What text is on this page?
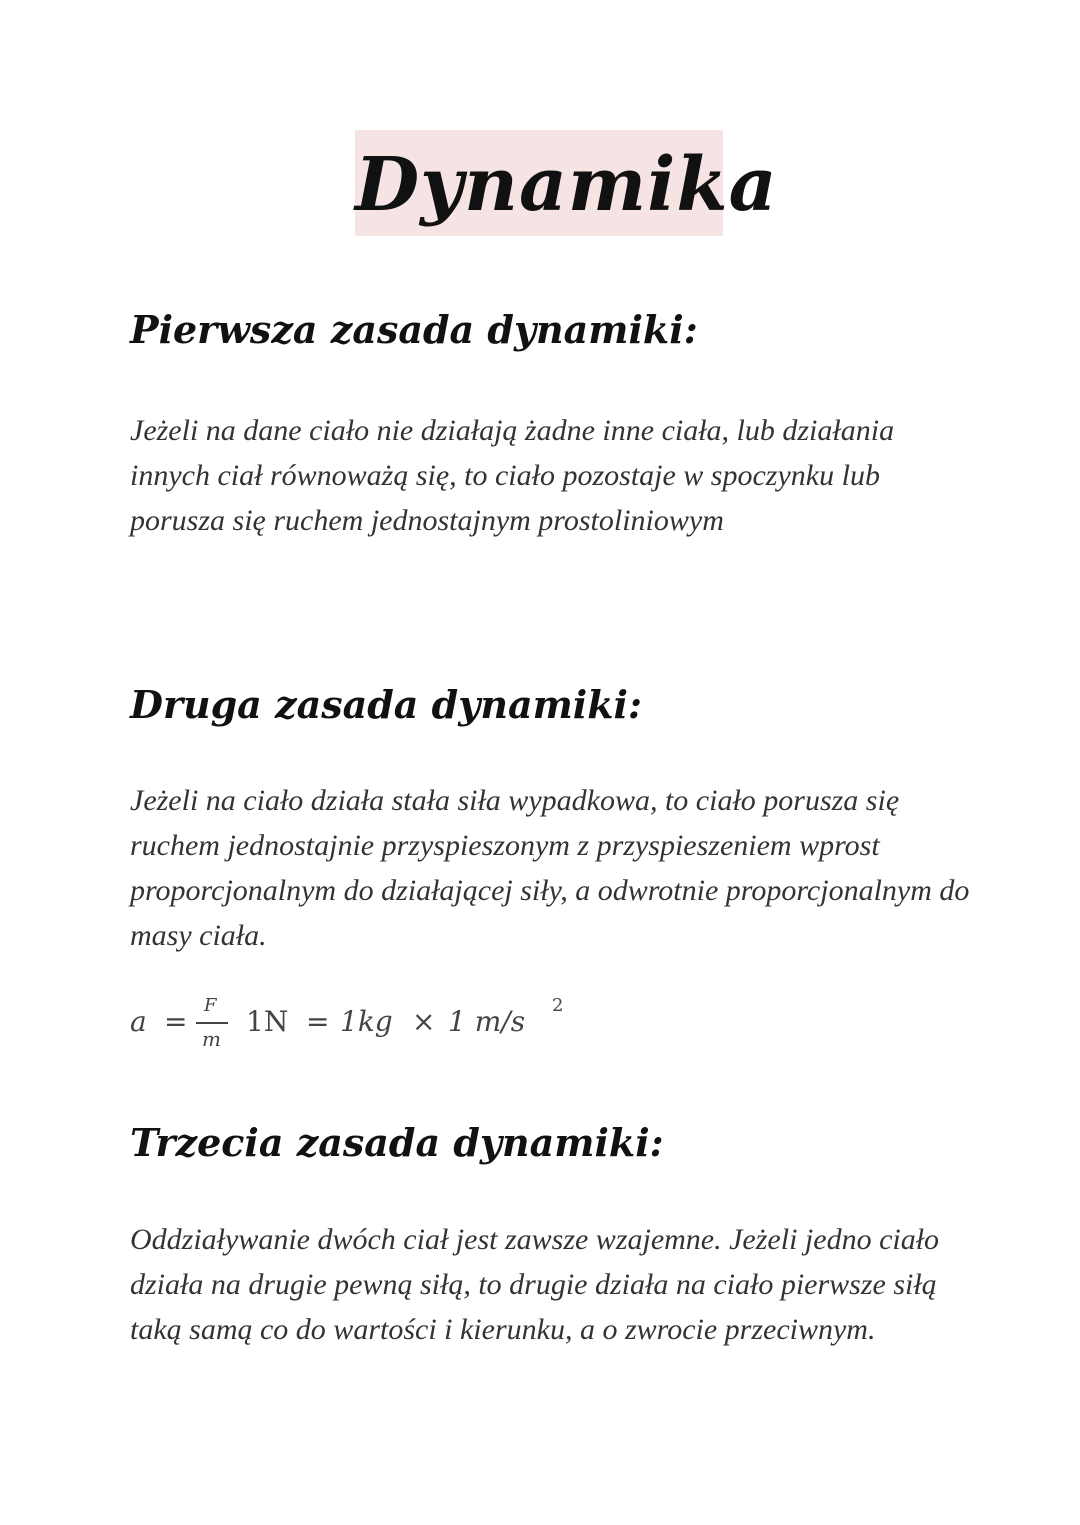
Dynamika
Pierwsza zasada dynamiki:

Jeżeli na dane ciało nie działają żadne inne ciała, lub działania innych ciał równoważą się, to ciało pozostaje w spoczynku lub porusza się ruchem jednostajnym prostoliniowym

Druga zasada dynamiki:

Jeżeli na ciało działa stała siła wypadkowa, to ciało porusza się ruchem jednostajnie przyspieszonym z przyspieszeniem wprost proporcjonalnym do działającej siły, a odwrotnie proporcjonalnym do masy ciała.

a = F
m
1N = 1kg × 1 m/s 2
Trzecia zasada dynamiki:

Oddziaływanie dwóch ciał jest zawsze wzajemne. Jeżeli jedno ciało działa na drugie pewną siłą, to drugie działa na ciało pierwsze siłą taką samą co do wartości i kierunku, a o zwrocie przeciwnym.
